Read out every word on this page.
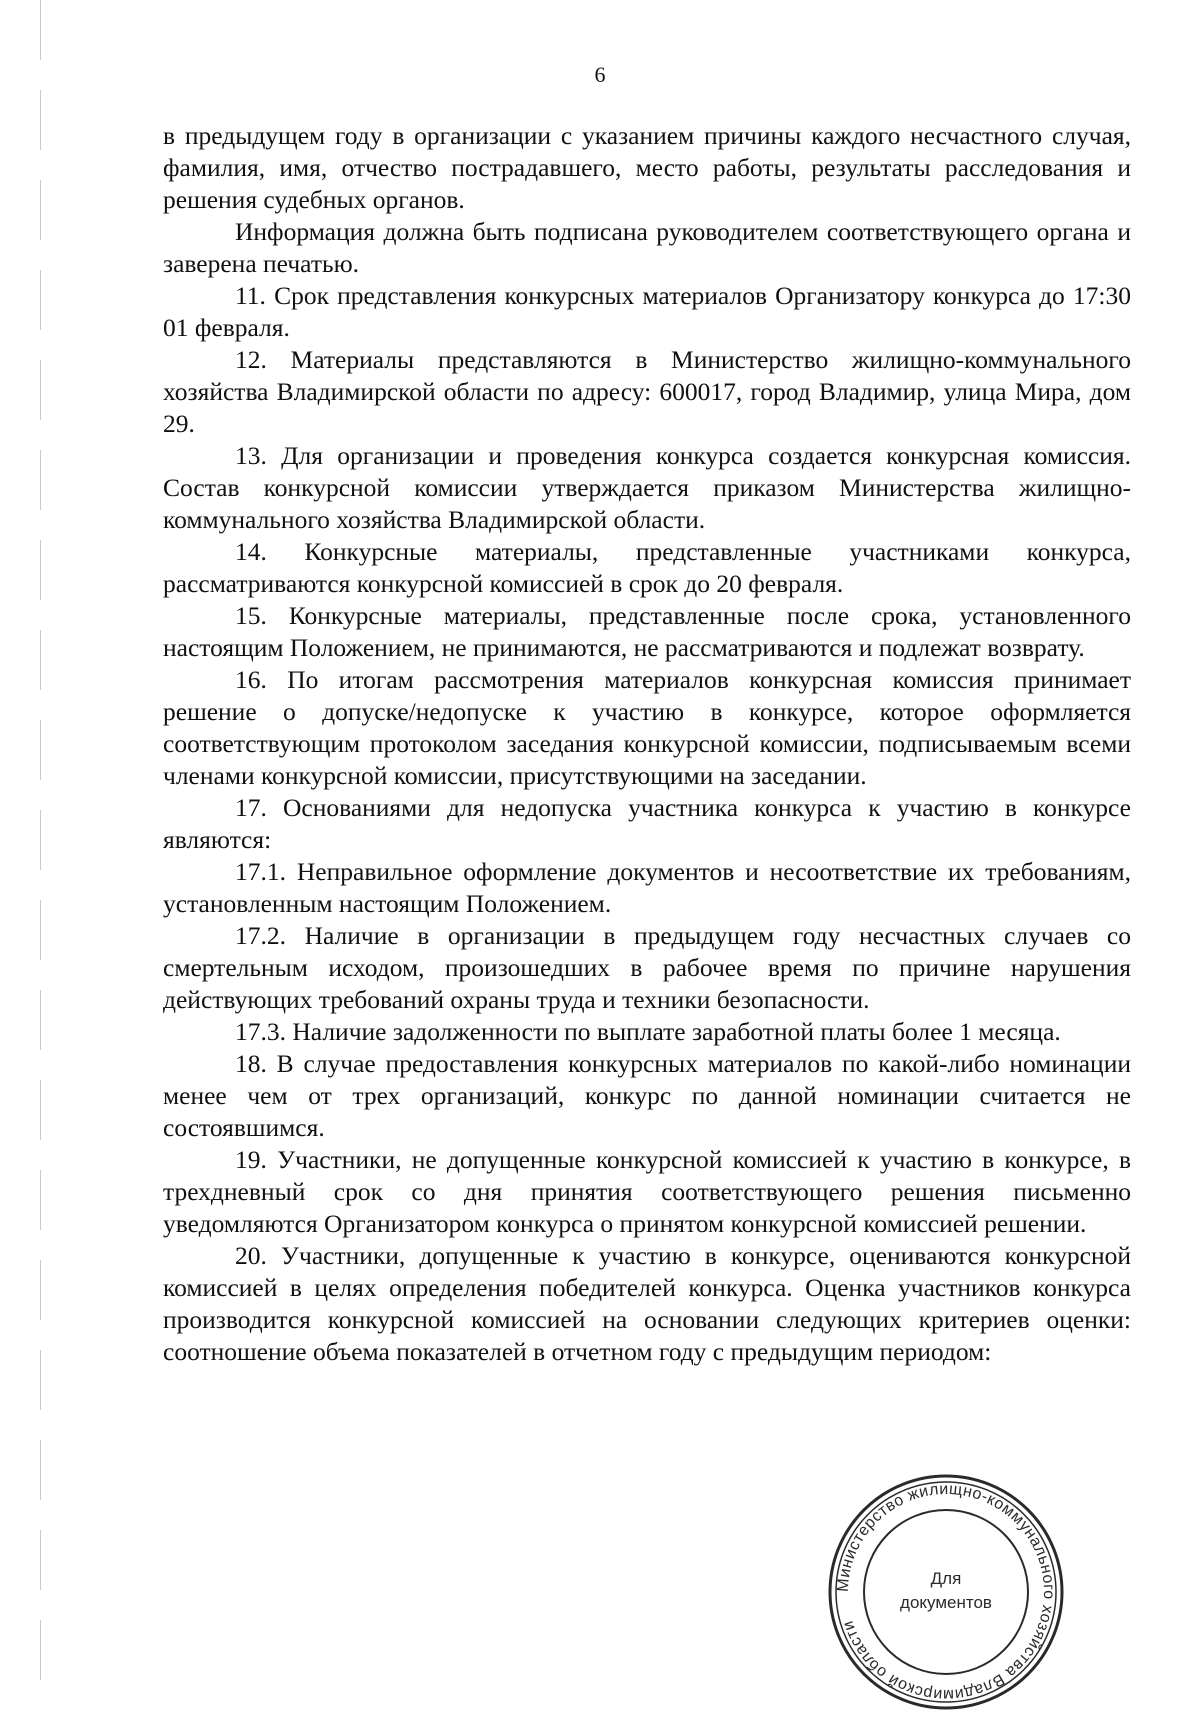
6

в предыдущем году в организации с указанием причины каждого несчастного случая, фамилия, имя, отчество пострадавшего, место работы, результаты расследования и решения судебных органов.

Информация должна быть подписана руководителем соответствующего органа и заверена печатью.

11. Срок представления конкурсных материалов Организатору конкурса до 17:30 01 февраля.

12. Материалы представляются в Министерство жилищно-коммунального хозяйства Владимирской области по адресу: 600017, город Владимир, улица Мира, дом 29.

13. Для организации и проведения конкурса создается конкурсная комиссия. Состав конкурсной комиссии утверждается приказом Министерства жилищно-коммунального хозяйства Владимирской области.

14. Конкурсные материалы, представленные участниками конкурса, рассматриваются конкурсной комиссией в срок до 20 февраля.

15. Конкурсные материалы, представленные после срока, установленного настоящим Положением, не принимаются, не рассматриваются и подлежат возврату.

16. По итогам рассмотрения материалов конкурсная комиссия принимает решение о допуске/недопуске к участию в конкурсе, которое оформляется соответствующим протоколом заседания конкурсной комиссии, подписываемым всеми членами конкурсной комиссии, присутствующими на заседании.

17. Основаниями для недопуска участника конкурса к участию в конкурсе являются:

17.1. Неправильное оформление документов и несоответствие их требованиям, установленным настоящим Положением.

17.2. Наличие в организации в предыдущем году несчастных случаев со смертельным исходом, произошедших в рабочее время по причине нарушения действующих требований охраны труда и техники безопасности.

17.3. Наличие задолженности по выплате заработной платы более 1 месяца.

18. В случае предоставления конкурсных материалов по какой-либо номинации менее чем от трех организаций, конкурс по данной номинации считается не состоявшимся.

19. Участники, не допущенные конкурсной комиссией к участию в конкурсе, в трехдневный срок со дня принятия соответствующего решения письменно уведомляются Организатором конкурса о принятом конкурсной комиссией решении.

20. Участники, допущенные к участию в конкурсе, оцениваются конкурсной комиссией в целях определения победителей конкурса. Оценка участников конкурса производится конкурсной комиссией на основании следующих критериев оценки: соотношение объема показателей в отчетном году с предыдущим периодом:

Министерство жилищно-коммунального хозяйства Владимирской области
Для
документов
